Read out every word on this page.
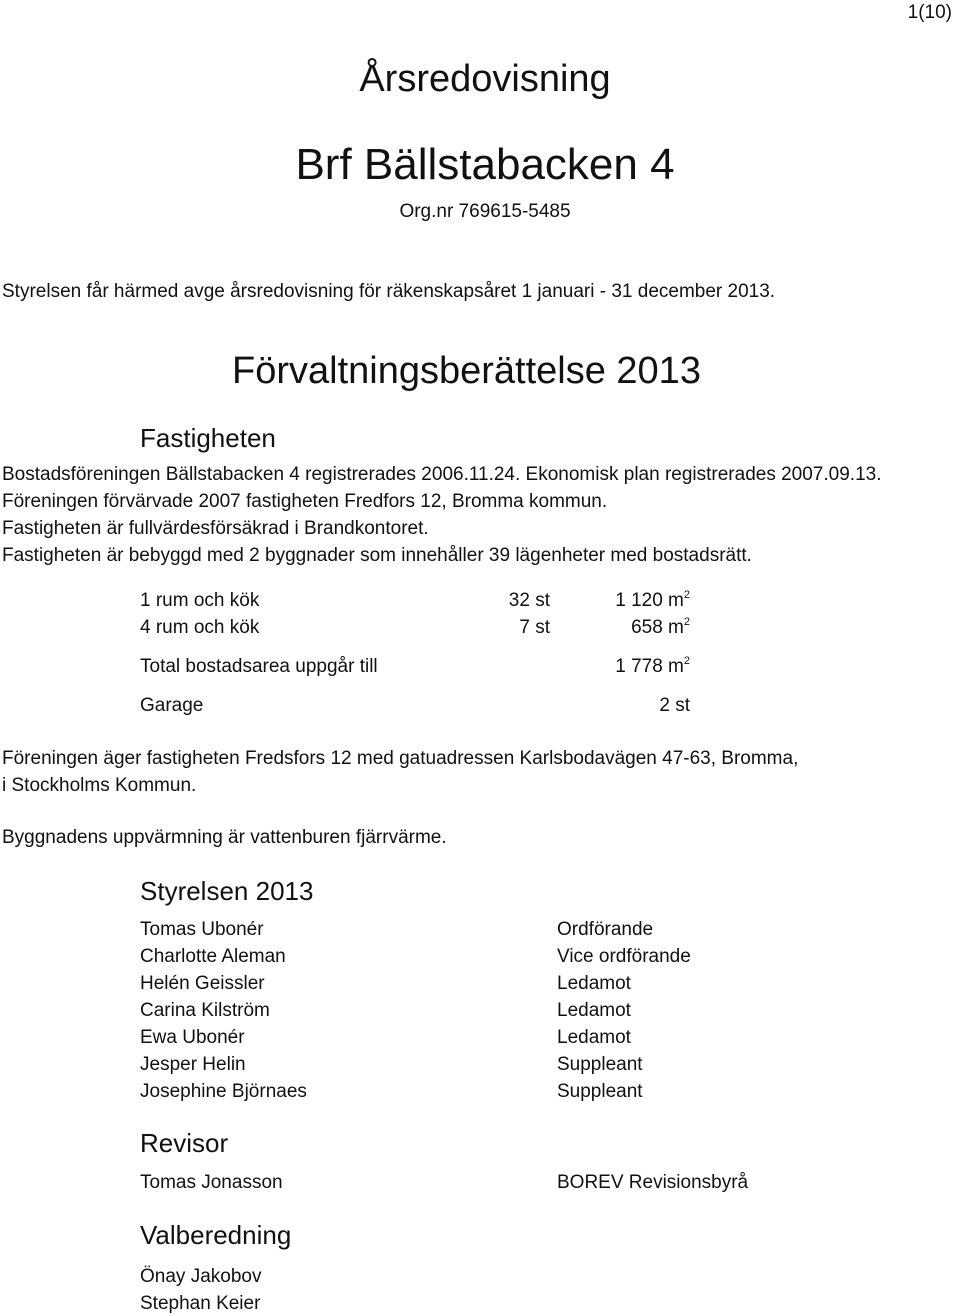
1(10)
Årsredovisning
Brf Bällstabacken 4
Org.nr 769615-5485
Styrelsen får härmed avge årsredovisning för räkenskapsåret 1 januari - 31 december 2013.
Förvaltningsberättelse 2013
Fastigheten
Bostadsföreningen Bällstabacken 4 registrerades 2006.11.24. Ekonomisk plan registrerades 2007.09.13.
Föreningen förvärvade 2007 fastigheten Fredfors 12, Bromma kommun.
Fastigheten är fullvärdesförsäkrad i Brandkontoret.
Fastigheten är bebyggd med 2 byggnader som innehåller 39 lägenheter med bostadsrätt.
1 rum och kök	32 st	1 120 $m^2$
4 rum och kök	7 st	658 $m^2$
Total bostadsarea uppgår till	1 778 $m^2$
Garage	2 st
Föreningen äger fastigheten Fredsfors 12 med gatuadressen Karlsbodavägen 47-63, Bromma,
i Stockholms Kommun.
Byggnadens uppvärmning är vattenburen fjärrvärme.
Styrelsen 2013
Tomas Ubonér	Ordförande
Charlotte Aleman	Vice ordförande
Helén Geissler	Ledamot
Carina Kilström	Ledamot
Ewa Ubonér	Ledamot
Jesper Helin	Suppleant
Josephine Björnaes	Suppleant
Revisor
Tomas Jonasson	BOREV Revisionsbyrå
Valberedning
Önay Jakobov
Stephan Keier
